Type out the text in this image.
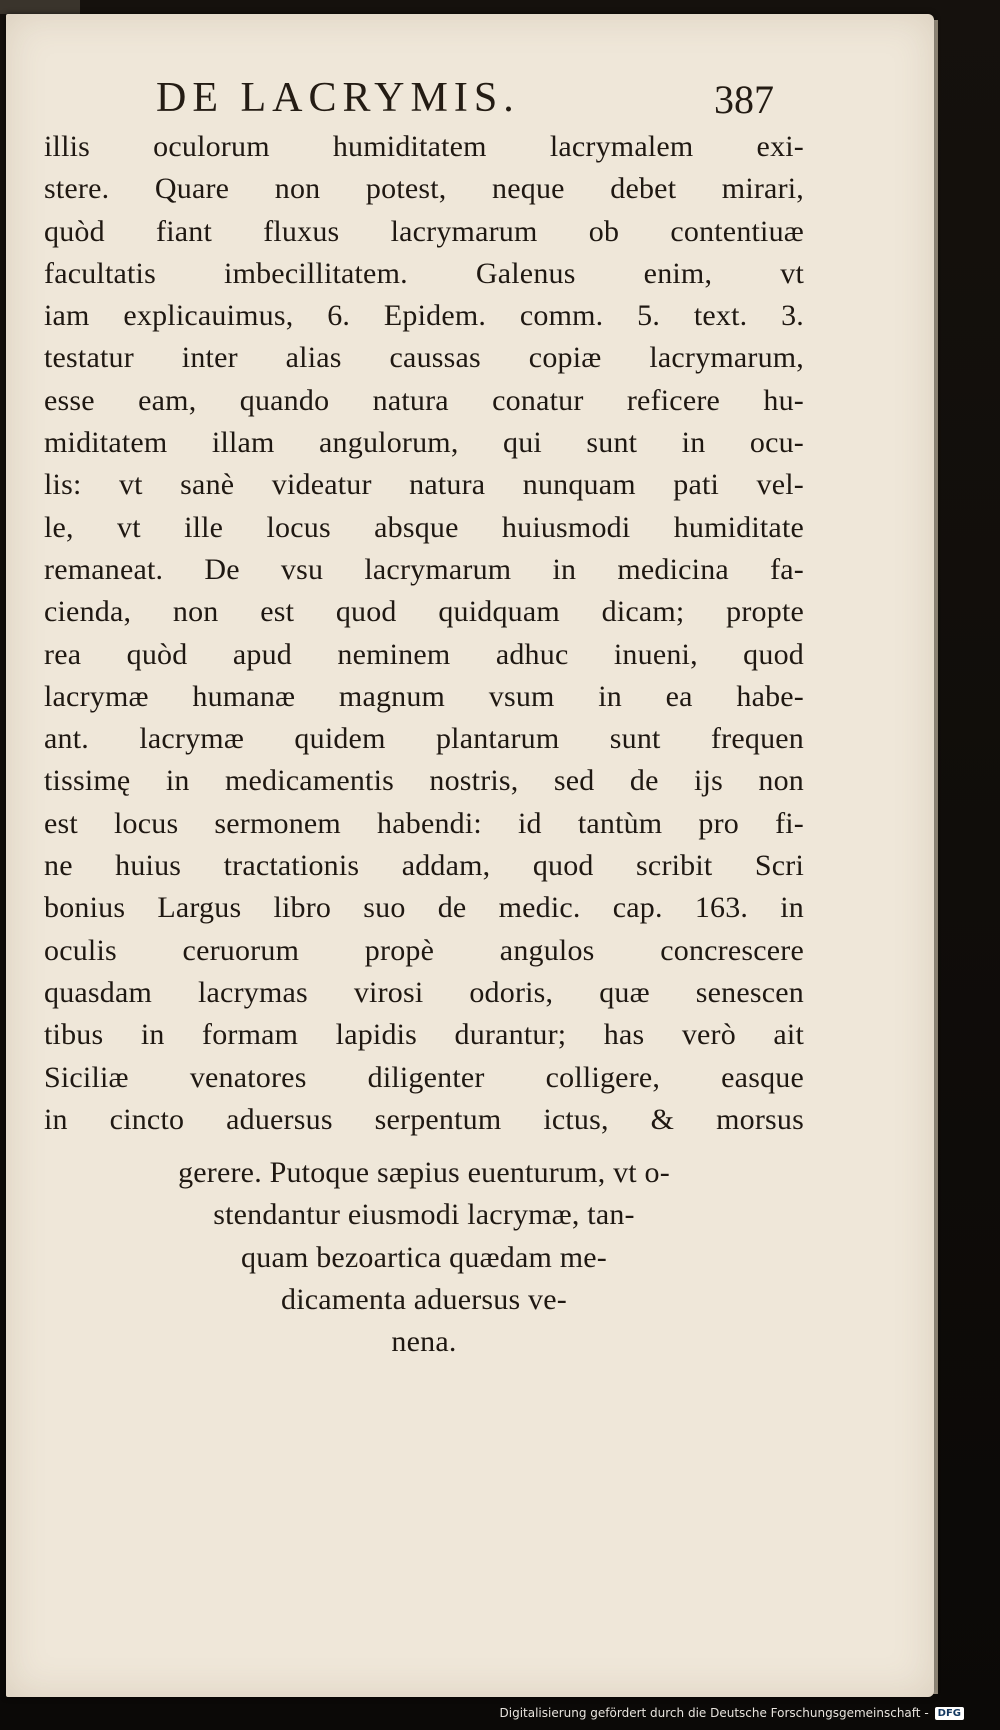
DE LACRYMIS.	387
illis oculorum humiditatem lacrymalem exi-
stere. Quare non potest, neque debet mirari,
quòd fiant fluxus lacrymarum ob contentiuæ
facultatis imbecillitatem. Galenus enim, vt
iam explicauimus, 6. Epidem. comm. 5. text. 3.
testatur inter alias caussas copiæ lacrymarum,
esse eam, quando natura conatur reficere hu-
miditatem illam angulorum, qui sunt in ocu-
lis: vt sanè videatur natura nunquam pati vel-
le, vt ille locus absque huiusmodi humiditate
remaneat. De vsu lacrymarum in medicina fa-
cienda, non est quod quidquam dicam; propte
rea quòd apud neminem adhuc inueni, quod
lacrymæ humanæ magnum vsum in ea habe-
ant. lacrymæ quidem plantarum sunt frequen
tissimę in medicamentis nostris, sed de ijs non
est locus sermonem habendi: id tantùm pro fi-
ne huius tractationis addam, quod scribit Scri
bonius Largus libro suo de medic. cap. 163. in
oculis ceruorum propè angulos concrescere
quasdam lacrymas virosi odoris, quæ senescen
tibus in formam lapidis durantur; has verò ait
Siciliæ venatores diligenter colligere, easque
in cincto aduersus serpentum ictus, & morsus
gerere. Putoque sæpius euenturum, vt o-
stendantur eiusmodi lacrymæ, tan-
quam bezoartica quædam me-
dicamenta aduersus ve-
nena.
Digitalisierung gefördert durch die Deutsche Forschungsgemeinschaft - DFG
